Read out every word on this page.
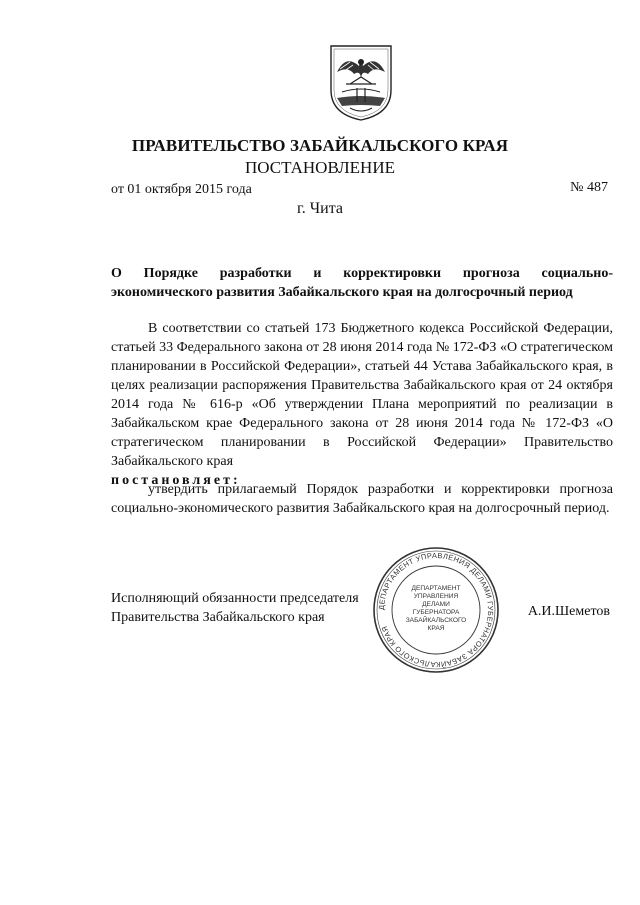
ПРАВИТЕЛЬСТВО ЗАБАЙКАЛЬСКОГО КРАЯ
ПОСТАНОВЛЕНИЕ
от 01 октября 2015 года	№ 487
г. Чита
О Порядке разработки и корректировки прогноза социально-
экономического развития Забайкальского края на долгосрочный период

В соответствии со статьей 173 Бюджетного кодекса Российской Федерации, статьей 33 Федерального закона от 28 июня 2014 года № 172-ФЗ «О стратегическом планировании в Российской Федерации», статьей 44 Устава Забайкальского края, в целях реализации распоряжения Правительства Забайкальского края от 24 октября 2014 года № 616-р «Об утверждении Плана мероприятий по реализации в Забайкальском крае Федерального закона от 28 июня 2014 года № 172-ФЗ «О стратегическом планировании в Российской Федерации» Правительство Забайкальского края

постановляет:
утвердить прилагаемый Порядок разработки и корректировки прогноза социально-экономического развития Забайкальского края на долгосрочный период.
Исполняющий обязанности председателя
Правительства Забайкальского края	А.И.Шеметов
ДЕПАРТАМЕНТ УПРАВЛЕНИЯ ДЕЛАМИ ГУБЕРНАТОРА ЗАБАЙКАЛЬСКОГО КРАЯ
ДЕПАРТАМЕНТ
УПРАВЛЕНИЯ
ДЕЛАМИ
ГУБЕРНАТОРА
ЗАБАЙКАЛЬСКОГО
КРАЯ
